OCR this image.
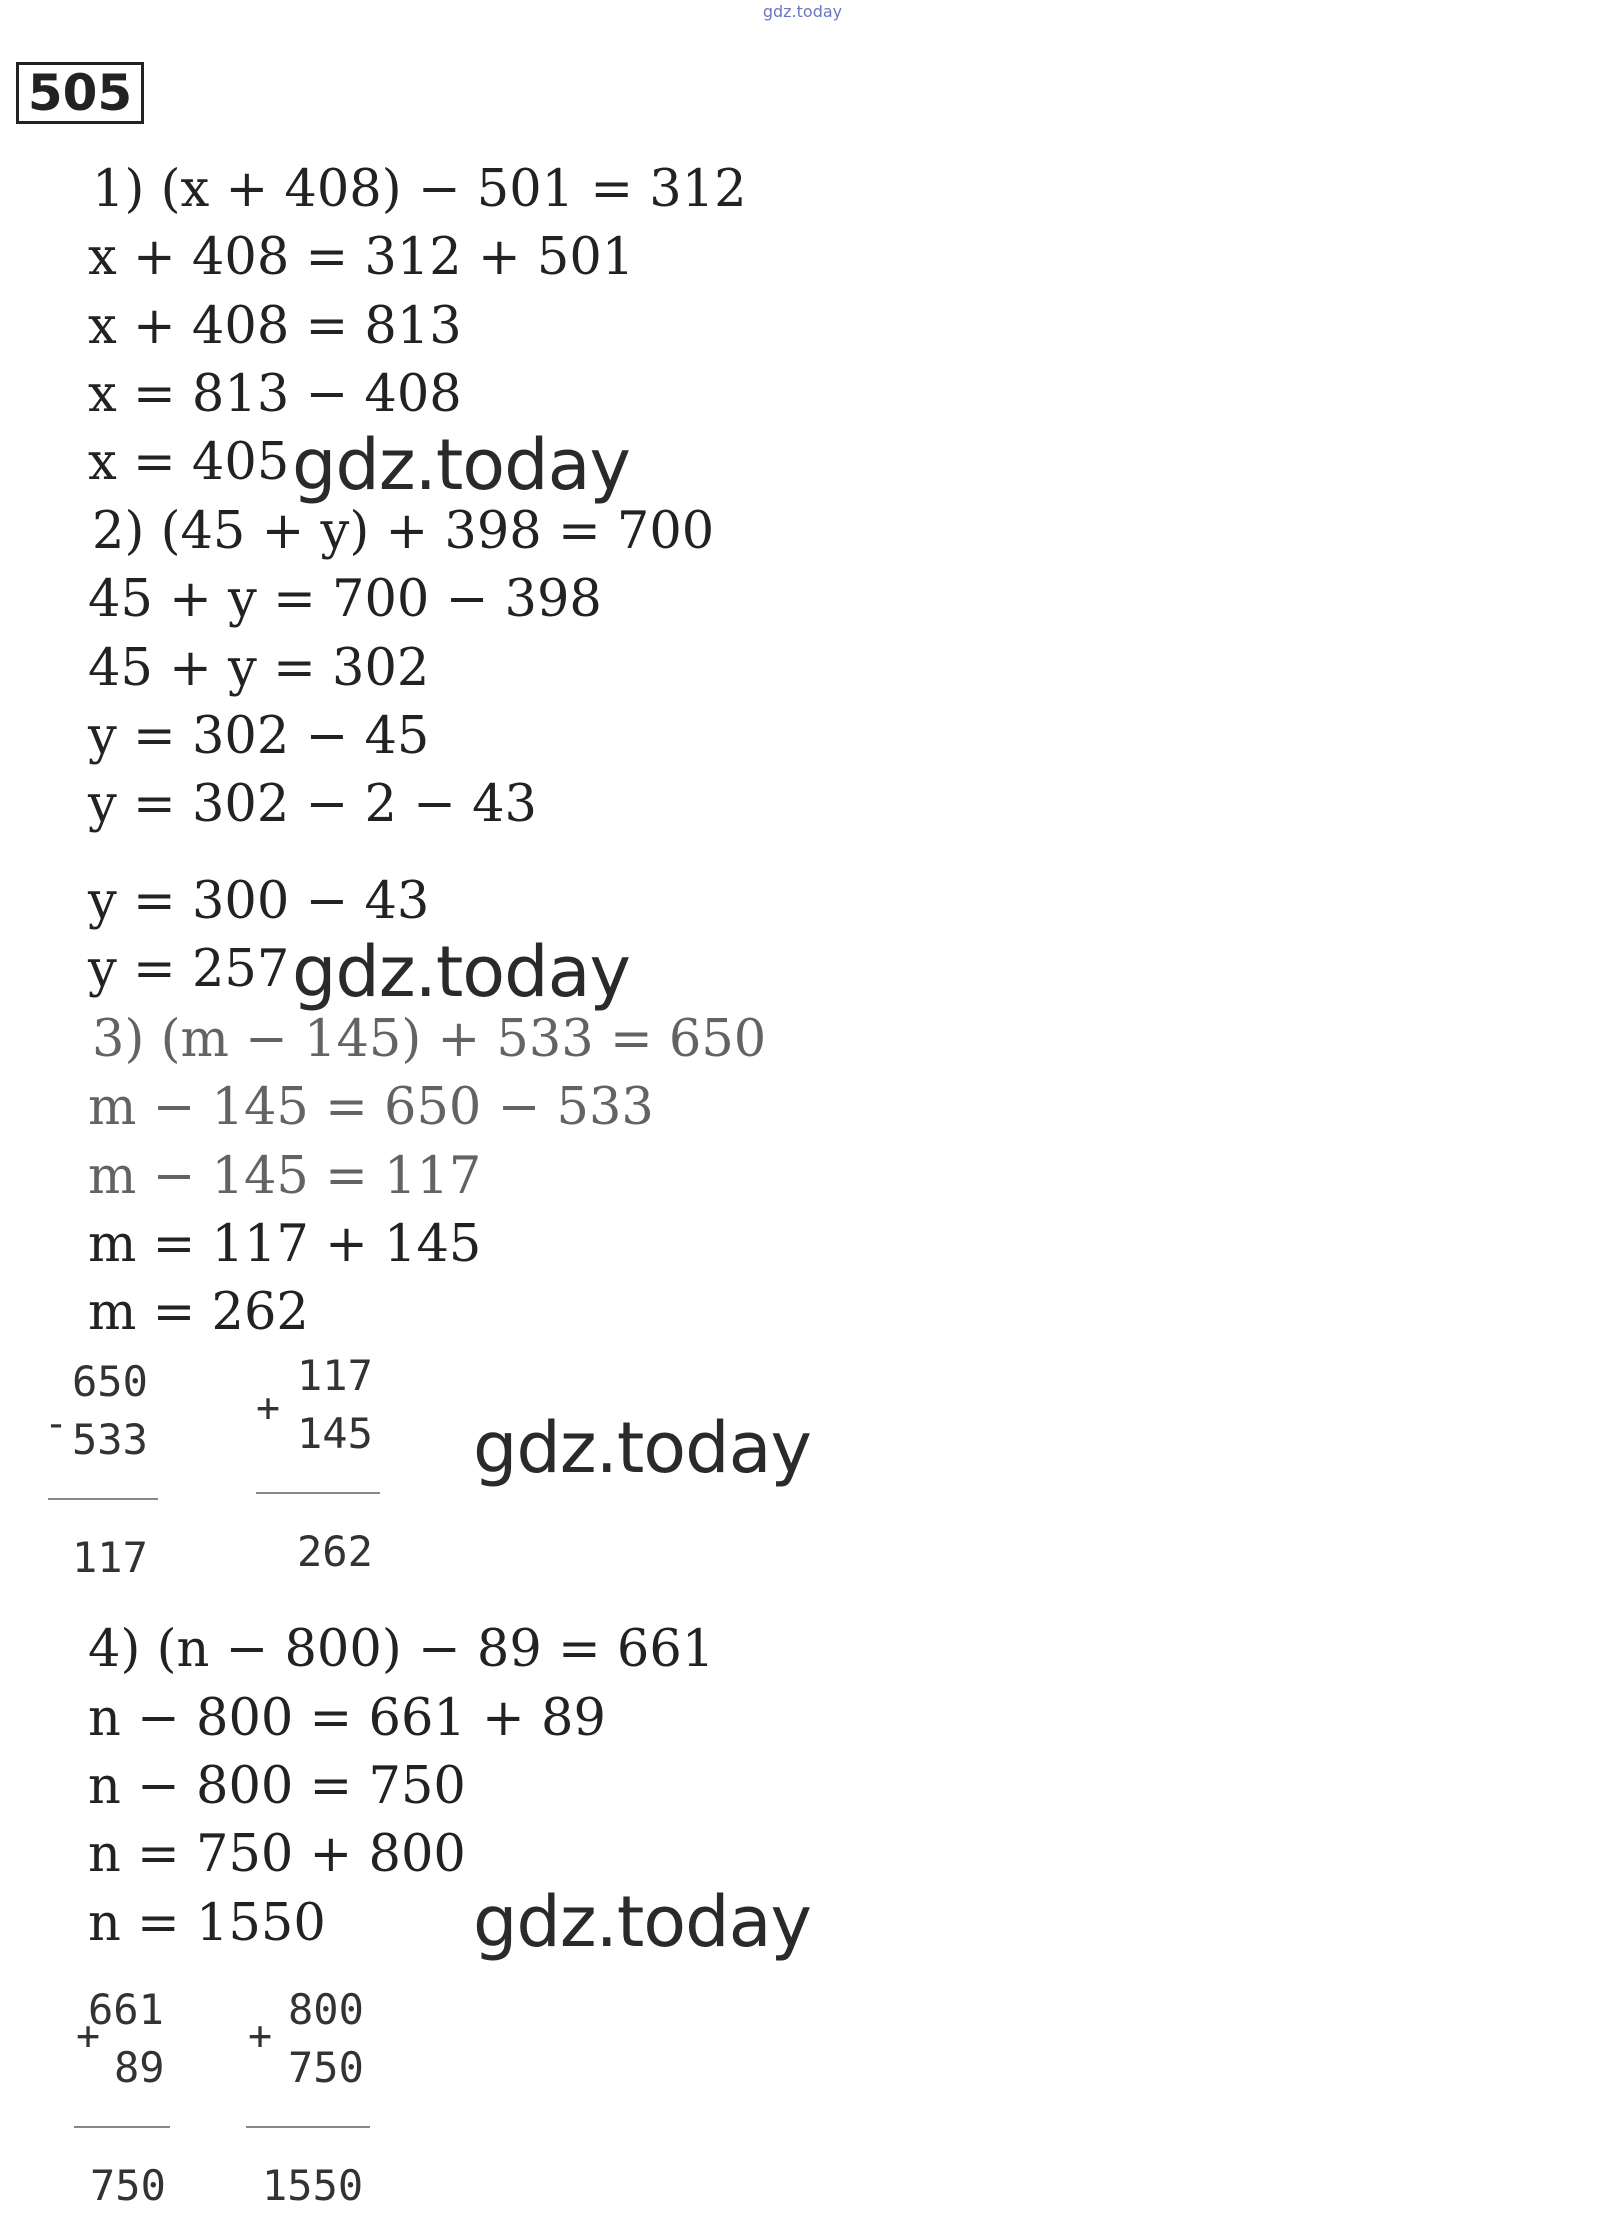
gdz.today
505
1) (x + 408) − 501 = 312
x + 408 = 312 + 501
x + 408 = 813
x = 813 − 408
x = 405 gdz.today
2) (45 + y) + 398 = 700
45 + y = 700 − 398
45 + y = 302
y = 302 − 45
y = 302 − 2 − 43
y = 300 − 43
y = 257 gdz.today
3) (m − 145) + 533 = 650
m − 145 = 650 − 533
m − 145 = 117
m = 117 + 145
m = 262
650
- 533
117
117
+
145
262
gdz.today
4) (n − 800) − 89 = 661
n − 800 = 661 + 89
n − 800 = 750
n = 750 + 800
n = 1550 gdz.today
661
+
89
750
800
+
750
1550
